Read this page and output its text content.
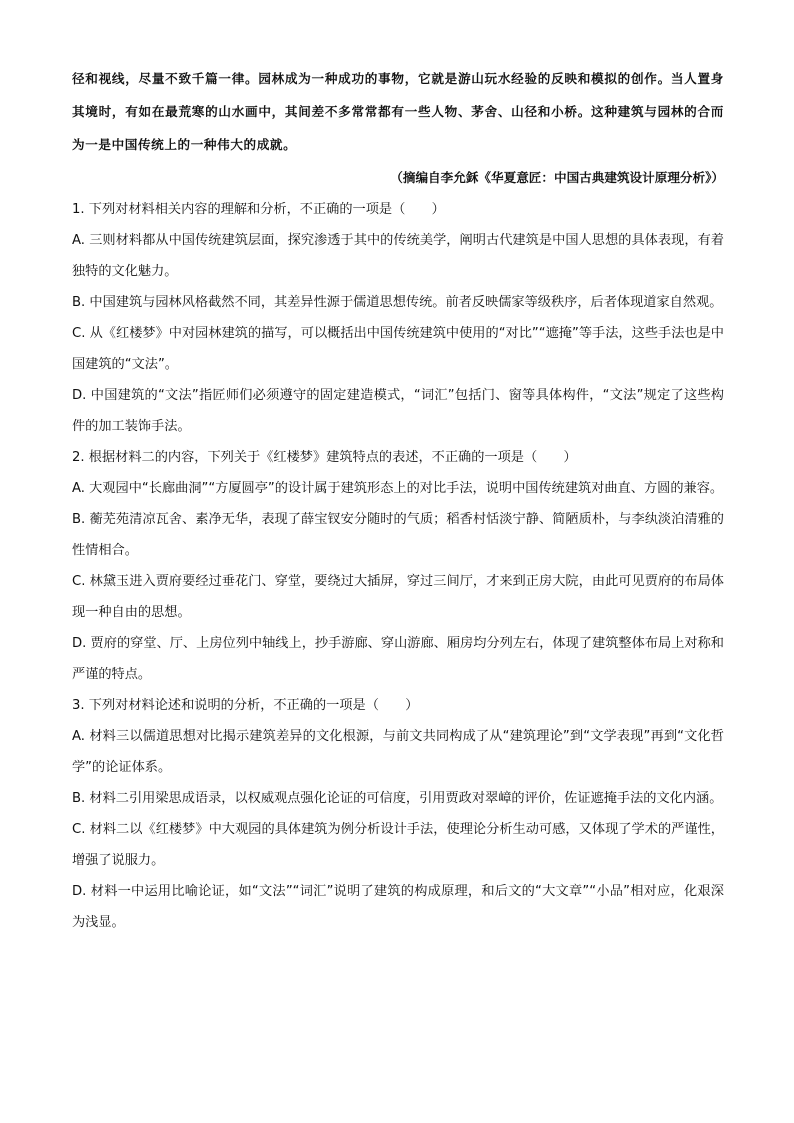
径和视线，尽量不致千篇一律。园林成为一种成功的事物，它就是游山玩水经验的反映和模拟的创作。当人置身其境时，有如在最荒寒的山水画中，其间差不多常常都有一些人物、茅舍、山径和小桥。这种建筑与园林的合而为一是中国传统上的一种伟大的成就。

（摘编自李允鉌《华夏意匠：中国古典建筑设计原理分析》）

1. 下列对材料相关内容的理解和分析，不正确的一项是（　　）

A. 三则材料都从中国传统建筑层面，探究渗透于其中的传统美学，阐明古代建筑是中国人思想的具体表现，有着独特的文化魅力。

B. 中国建筑与园林风格截然不同，其差异性源于儒道思想传统。前者反映儒家等级秩序，后者体现道家自然观。

C. 从《红楼梦》中对园林建筑的描写，可以概括出中国传统建筑中使用的“对比”“遮掩”等手法，这些手法也是中国建筑的“文法”。

D. 中国建筑的“文法”指匠师们必须遵守的固定建造模式，“词汇”包括门、窗等具体构件，“文法”规定了这些构件的加工装饰手法。

2. 根据材料二的内容，下列关于《红楼梦》建筑特点的表述，不正确的一项是（　　）

A. 大观园中“长廊曲洞”“方厦圆亭”的设计属于建筑形态上的对比手法，说明中国传统建筑对曲直、方圆的兼容。

B. 蘅芜苑清凉瓦舍、素净无华，表现了薛宝钗安分随时的气质；稻香村恬淡宁静、简陋质朴，与李纨淡泊清雅的性情相合。

C. 林黛玉进入贾府要经过垂花门、穿堂，要绕过大插屏，穿过三间厅，才来到正房大院，由此可见贾府的布局体现一种自由的思想。

D. 贾府的穿堂、厅、上房位列中轴线上，抄手游廊、穿山游廊、厢房均分列左右，体现了建筑整体布局上对称和严谨的特点。

3. 下列对材料论述和说明的分析，不正确的一项是（　　）

A. 材料三以儒道思想对比揭示建筑差异的文化根源，与前文共同构成了从“建筑理论”到“文学表现”再到“文化哲学”的论证体系。

B. 材料二引用梁思成语录，以权威观点强化论证的可信度，引用贾政对翠嶂的评价，佐证遮掩手法的文化内涵。

C. 材料二以《红楼梦》中大观园的具体建筑为例分析设计手法，使理论分析生动可感，又体现了学术的严谨性，增强了说服力。

D. 材料一中运用比喻论证，如“文法”“词汇”说明了建筑的构成原理，和后文的“大文章”“小品”相对应，化艰深为浅显。
